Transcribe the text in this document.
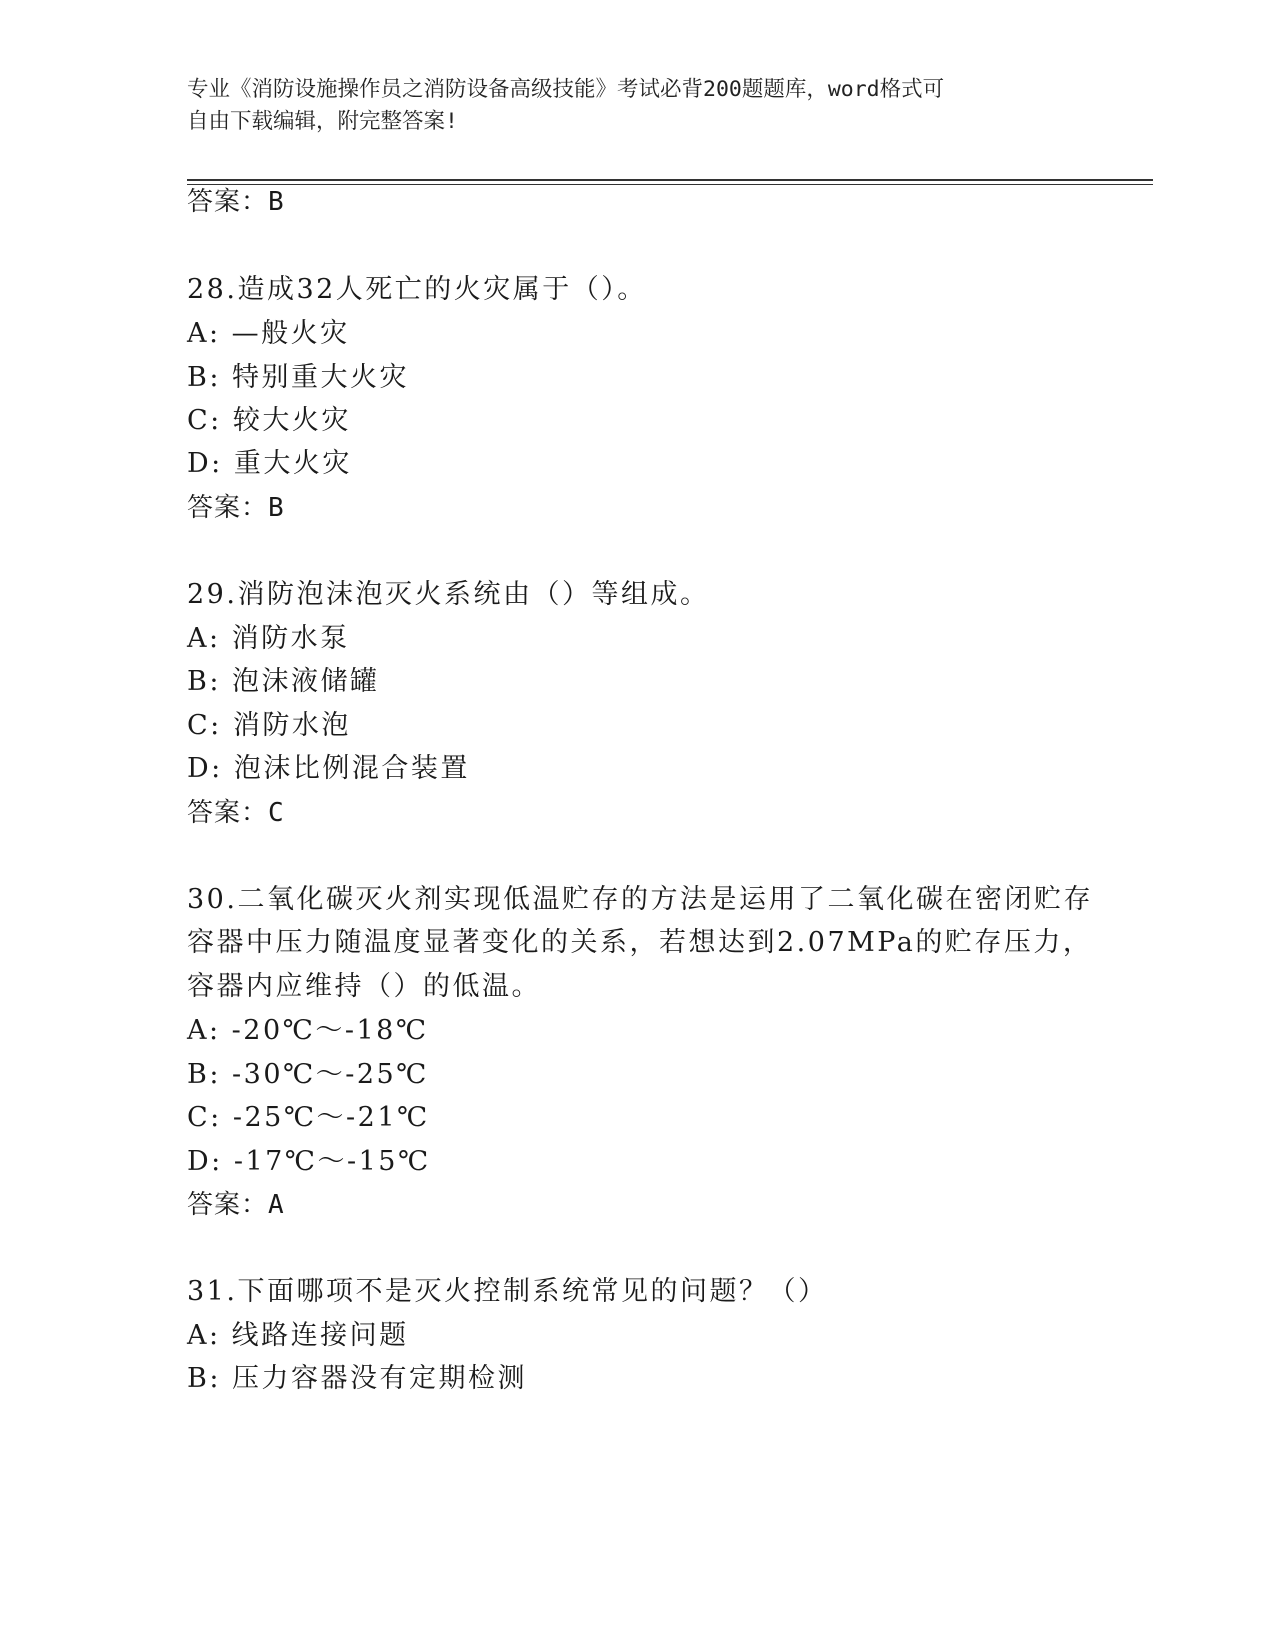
专业《消防设施操作员之消防设备高级技能》考试必背200题题库，word格式可
自由下载编辑，附完整答案!
答案：B
28.造成32人死亡的火灾属于（）。
A: —般火灾
B: 特别重大火灾
C: 较大火灾
D: 重大火灾
答案：B
29.消防泡沫泡灭火系统由（）等组成。
A: 消防水泵
B: 泡沫液储罐
C: 消防水泡
D: 泡沫比例混合装置
答案：C
30.二氧化碳灭火剂实现低温贮存的方法是运用了二氧化碳在密闭贮存
容器中压力随温度显著变化的关系，若想达到2.07MPa的贮存压力，
容器内应维持（）的低温。
A: -20℃～-18℃
B: -30℃～-25℃
C: -25℃～-21℃
D: -17℃～-15℃
答案：A
31.下面哪项不是灭火控制系统常见的问题？（）
A: 线路连接问题
B: 压力容器没有定期检测
